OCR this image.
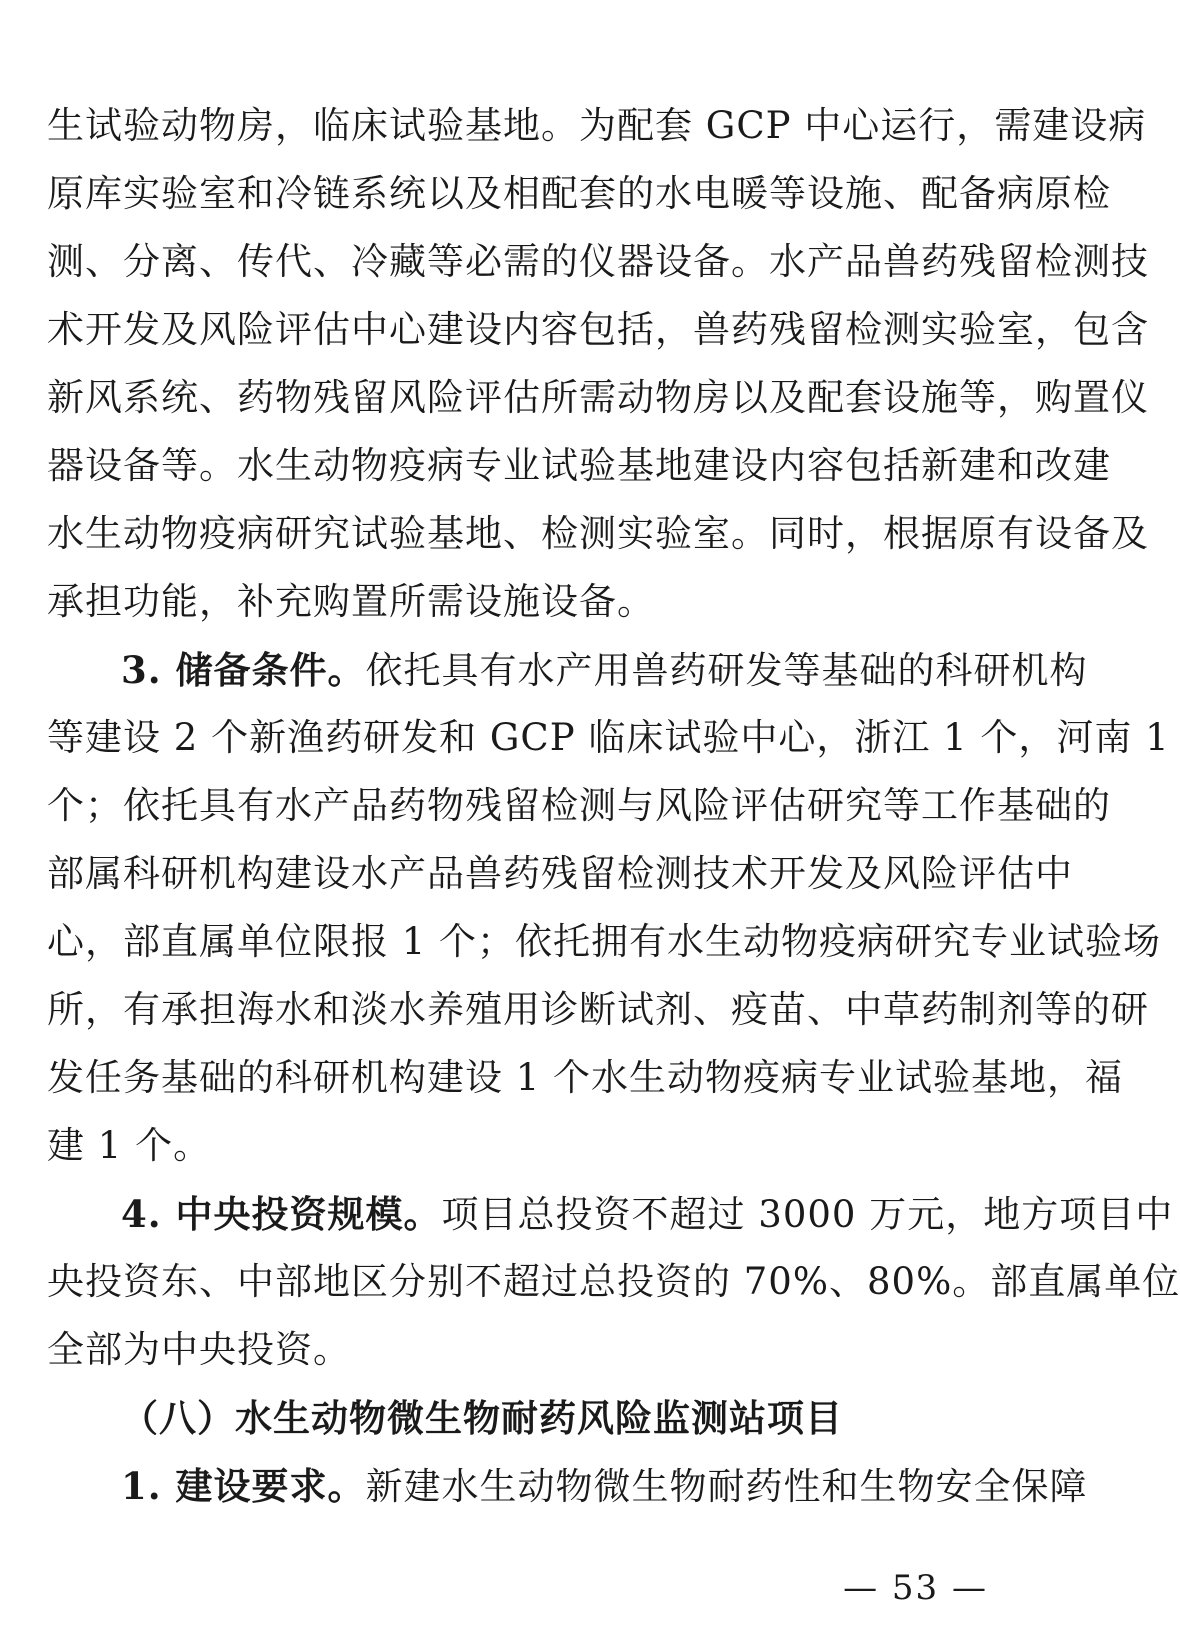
生试验动物房，临床试验基地。为配套 GCP 中心运行，需建设病
原库实验室和冷链系统以及相配套的水电暖等设施、配备病原检
测、分离、传代、冷藏等必需的仪器设备。水产品兽药残留检测技
术开发及风险评估中心建设内容包括，兽药残留检测实验室，包含
新风系统、药物残留风险评估所需动物房以及配套设施等，购置仪
器设备等。水生动物疫病专业试验基地建设内容包括新建和改建
水生动物疫病研究试验基地、检测实验室。同时，根据原有设备及
承担功能，补充购置所需设施设备。
3. 储备条件。依托具有水产用兽药研发等基础的科研机构
等建设 2 个新渔药研发和 GCP 临床试验中心，浙江 1 个，河南 1
个；依托具有水产品药物残留检测与风险评估研究等工作基础的
部属科研机构建设水产品兽药残留检测技术开发及风险评估中
心，部直属单位限报 1 个；依托拥有水生动物疫病研究专业试验场
所，有承担海水和淡水养殖用诊断试剂、疫苗、中草药制剂等的研
发任务基础的科研机构建设 1 个水生动物疫病专业试验基地，福
建 1 个。
4. 中央投资规模。项目总投资不超过 3000 万元，地方项目中
央投资东、中部地区分别不超过总投资的 70%、80%。部直属单位
全部为中央投资。
（八）水生动物微生物耐药风险监测站项目
1. 建设要求。新建水生动物微生物耐药性和生物安全保障
— 53 —
